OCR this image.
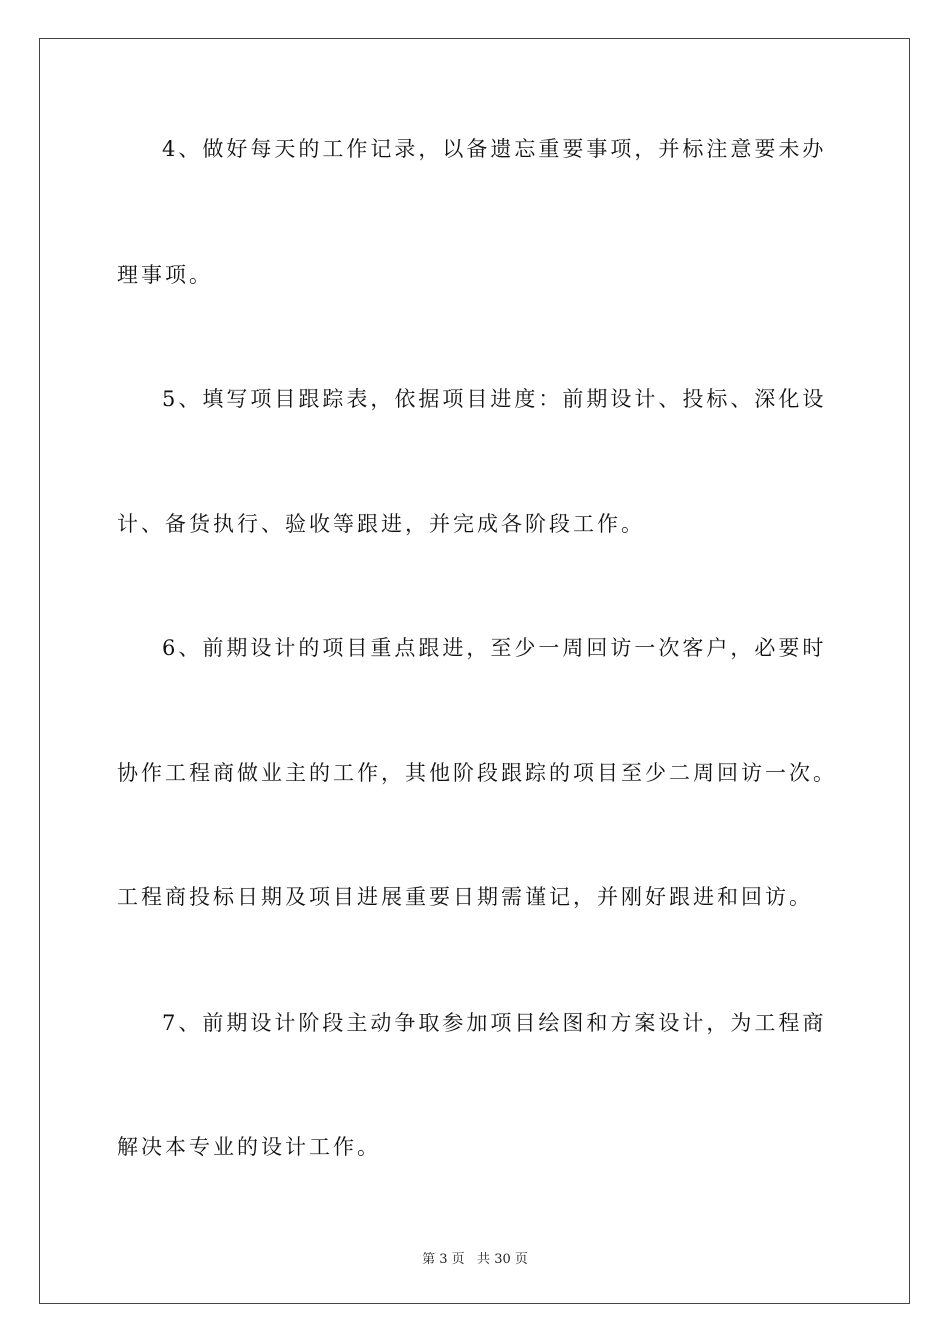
4、做好每天的工作记录，以备遗忘重要事项，并标注意要未办
理事项。
5、填写项目跟踪表，依据项目进度：前期设计、投标、深化设
计、备货执行、验收等跟进，并完成各阶段工作。
6、前期设计的项目重点跟进，至少一周回访一次客户，必要时
协作工程商做业主的工作，其他阶段跟踪的项目至少二周回访一次。
工程商投标日期及项目进展重要日期需谨记，并刚好跟进和回访。
7、前期设计阶段主动争取参加项目绘图和方案设计，为工程商
解决本专业的设计工作。
第 3 页   共 30 页
